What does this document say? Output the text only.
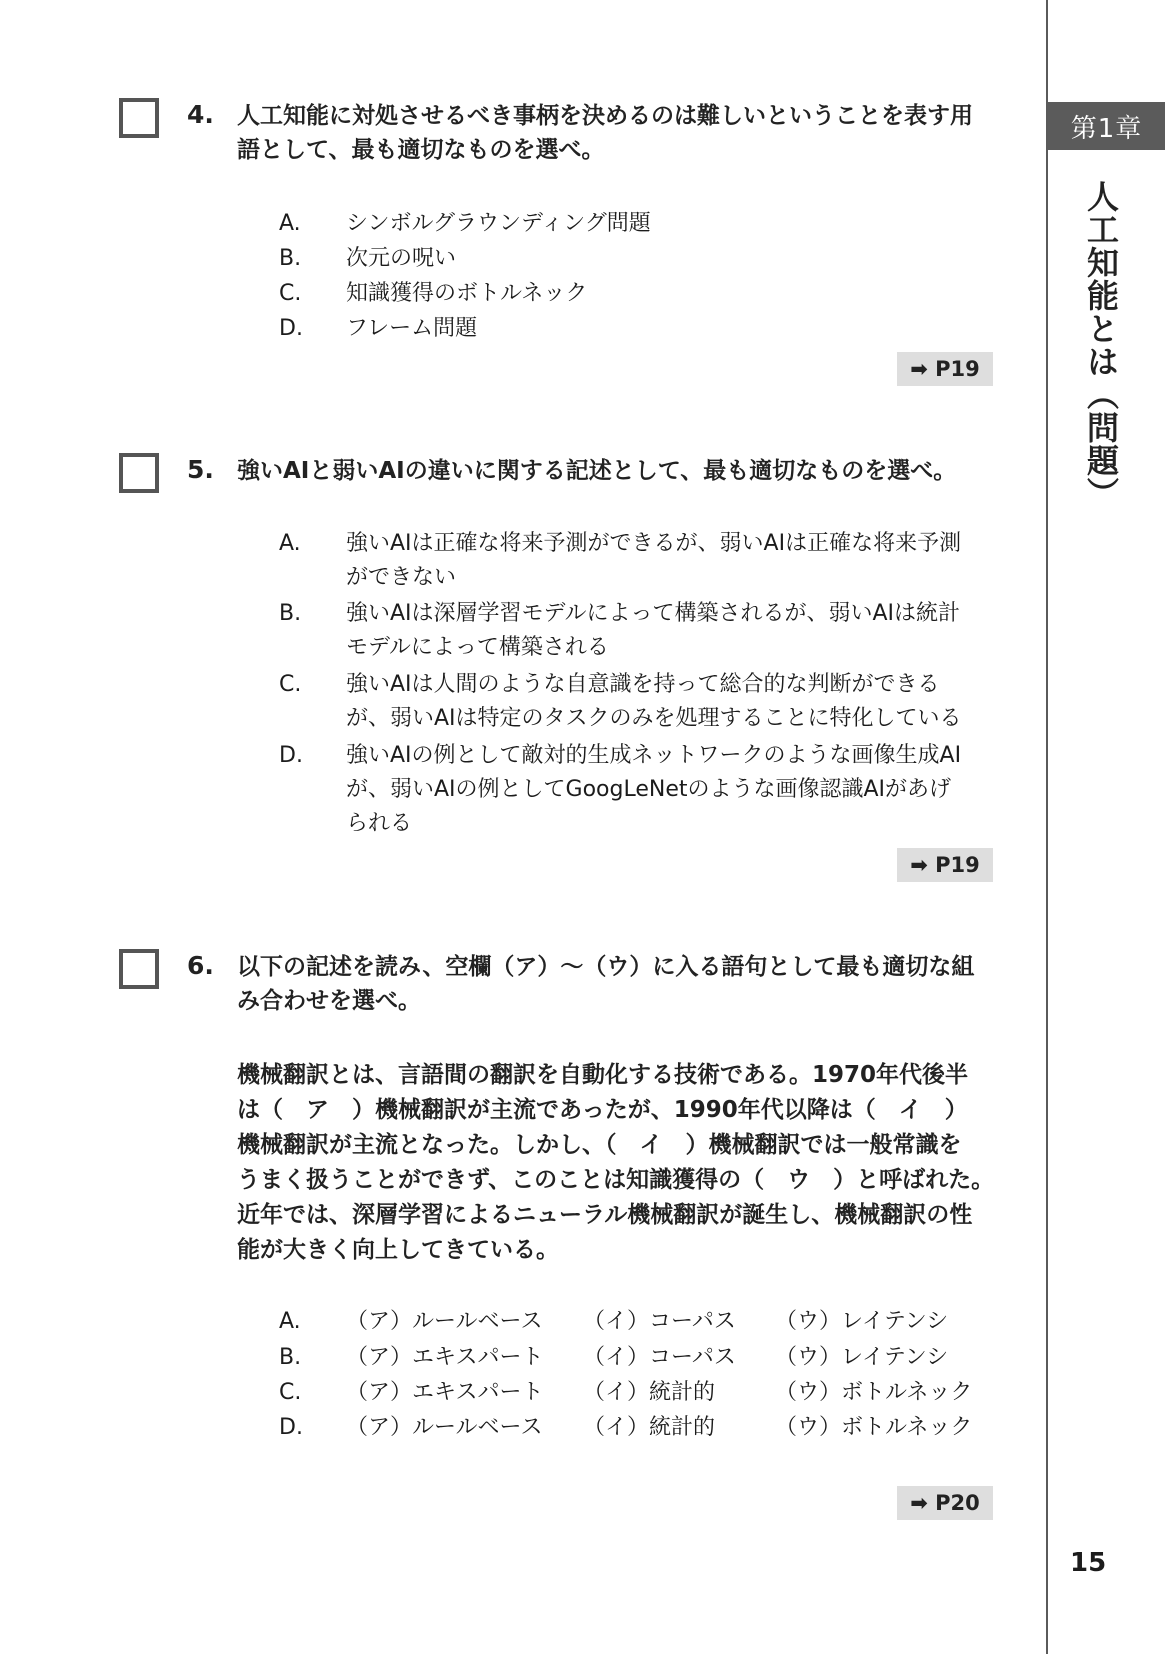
第1章
人工知能とは（問題）
15
4. 人工知能に対処させるべき事柄を決めるのは難しいということを表す用
語として、最も適切なものを選べ。
A.	シンボルグラウンディング問題
B.	次元の呪い
C.	知識獲得のボトルネック
D.	フレーム問題
➡ P19
5. 強いAIと弱いAIの違いに関する記述として、最も適切なものを選べ。
A.	強いAIは正確な将来予測ができるが、弱いAIは正確な将来予測
ができない
B.	強いAIは深層学習モデルによって構築されるが、弱いAIは統計
モデルによって構築される
C.	強いAIは人間のような自意識を持って総合的な判断ができる
が、弱いAIは特定のタスクのみを処理することに特化している
D.	強いAIの例として敵対的生成ネットワークのような画像生成AI
が、弱いAIの例としてGoogLeNetのような画像認識AIがあげ
られる
➡ P19
6. 以下の記述を読み、空欄（ア）〜（ウ）に入る語句として最も適切な組
み合わせを選べ。
機械翻訳とは、言語間の翻訳を自動化する技術である。1970年代後半
は（　ア　）機械翻訳が主流であったが、1990年代以降は（　イ　）
機械翻訳が主流となった。しかし、（　イ　）機械翻訳では一般常識を
うまく扱うことができず、このことは知識獲得の（　ウ　）と呼ばれた。
近年では、深層学習によるニューラル機械翻訳が誕生し、機械翻訳の性
能が大きく向上してきている。
A.	（ア）ルールベース	（イ）コーパス	（ウ）レイテンシ
B.	（ア）エキスパート	（イ）コーパス	（ウ）レイテンシ
C.	（ア）エキスパート	（イ）統計的	（ウ）ボトルネック
D.	（ア）ルールベース	（イ）統計的	（ウ）ボトルネック
➡ P20
